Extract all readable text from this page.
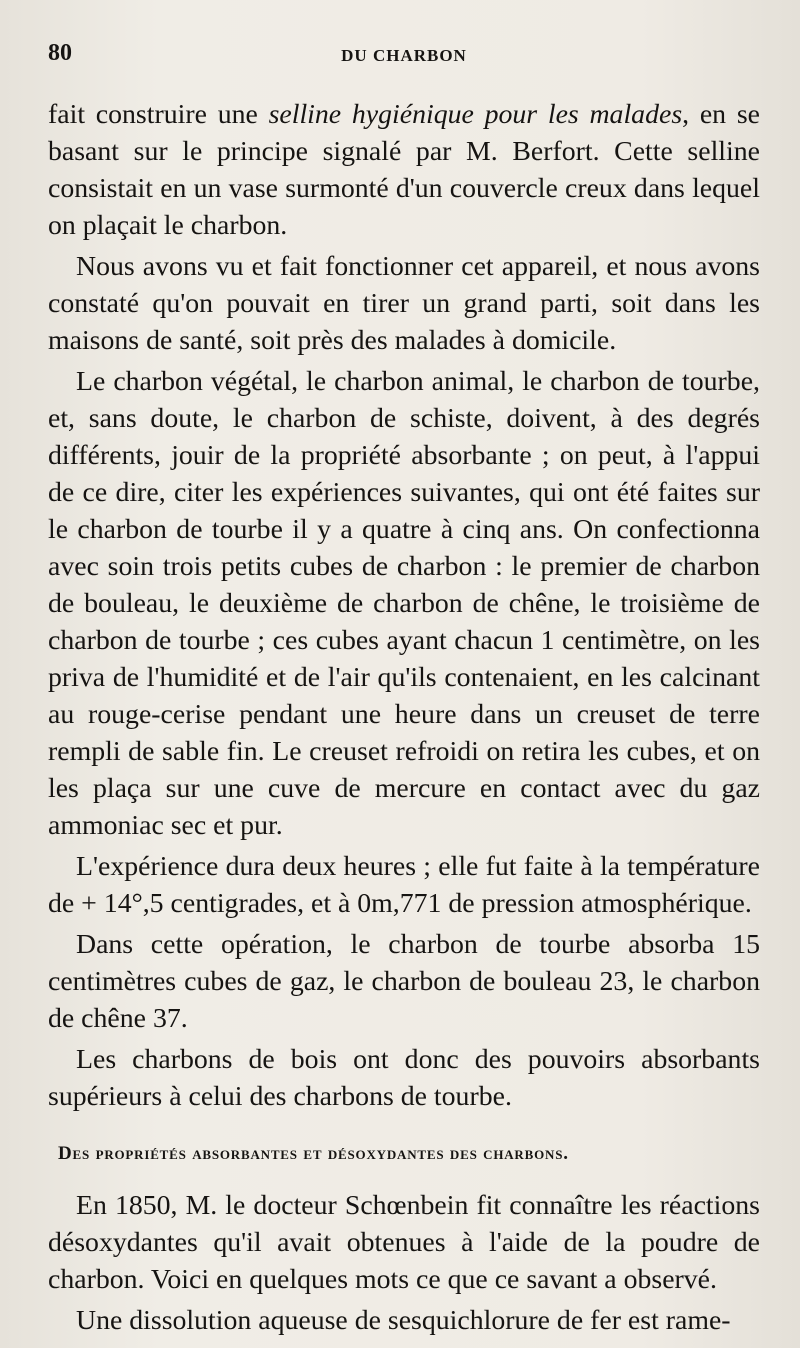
80	DU CHARBON

fait construire une selline hygiénique pour les malades, en se basant sur le principe signalé par M. Berfort. Cette selline consistait en un vase surmonté d'un couvercle creux dans lequel on plaçait le charbon.

Nous avons vu et fait fonctionner cet appareil, et nous avons constaté qu'on pouvait en tirer un grand parti, soit dans les maisons de santé, soit près des malades à domicile.

Le charbon végétal, le charbon animal, le charbon de tourbe, et, sans doute, le charbon de schiste, doivent, à des degrés différents, jouir de la propriété absorbante ; on peut, à l'appui de ce dire, citer les expériences suivantes, qui ont été faites sur le charbon de tourbe il y a quatre à cinq ans. On confectionna avec soin trois petits cubes de charbon : le premier de charbon de bouleau, le deuxième de charbon de chêne, le troisième de charbon de tourbe ; ces cubes ayant chacun 1 centimètre, on les priva de l'humidité et de l'air qu'ils contenaient, en les calcinant au rouge-cerise pendant une heure dans un creuset de terre rempli de sable fin. Le creuset refroidi on retira les cubes, et on les plaça sur une cuve de mercure en contact avec du gaz ammoniac sec et pur.

L'expérience dura deux heures ; elle fut faite à la température de + 14°,5 centigrades, et à 0m,771 de pression atmosphérique.

Dans cette opération, le charbon de tourbe absorba 15 centimètres cubes de gaz, le charbon de bouleau 23, le charbon de chêne 37.

Les charbons de bois ont donc des pouvoirs absorbants supérieurs à celui des charbons de tourbe.

Des propriétés absorbantes et désoxydantes des charbons.

En 1850, M. le docteur Schœnbein fit connaître les réactions désoxydantes qu'il avait obtenues à l'aide de la poudre de charbon. Voici en quelques mots ce que ce savant a observé.

Une dissolution aqueuse de sesquichlorure de fer est rame-
